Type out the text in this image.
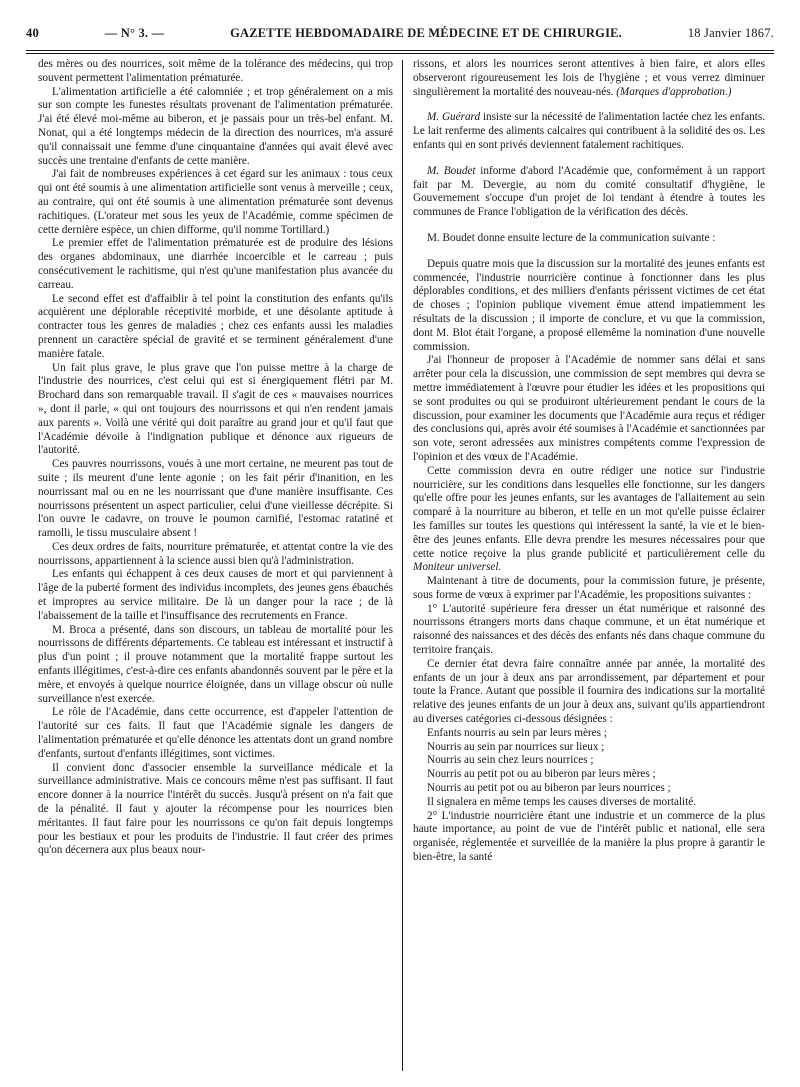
40	— N° 3. —	GAZETTE HEBDOMADAIRE DE MÉDECINE ET DE CHIRURGIE.	18 Janvier 1867.

des mères ou des nourrices, soit même de la tolérance des médecins, qui trop souvent permettent l'alimentation prématurée.

L'alimentation artificielle a été calomniée ; et trop généralement on a mis sur son compte les funestes résultats provenant de l'alimentation prématurée. J'ai été élevé moi-même au biberon, et je passais pour un très-bel enfant. M. Nonat, qui a été longtemps médecin de la direction des nourrices, m'a assuré qu'il connaissait une femme d'une cinquantaine d'années qui avait élevé avec succès une trentaine d'enfants de cette manière.

J'ai fait de nombreuses expériences à cet égard sur les animaux : tous ceux qui ont été soumis à une alimentation artificielle sont venus à merveille ; ceux, au contraire, qui ont été soumis à une alimentation prématurée sont devenus rachitiques. (L'orateur met sous les yeux de l'Académie, comme spécimen de cette dernière espèce, un chien difforme, qu'il nomme Tortillard.)

Le premier effet de l'alimentation prématurée est de produire des lésions des organes abdominaux, une diarrhée incoercible et le carreau ; puis consécutivement le rachitisme, qui n'est qu'une manifestation plus avancée du carreau.

Le second effet est d'affaiblir à tel point la constitution des enfants qu'ils acquièrent une déplorable réceptivité morbide, et une désolante aptitude à contracter tous les genres de maladies ; chez ces enfants aussi les maladies prennent un caractère spécial de gravité et se terminent généralement d'une manière fatale.

Un fait plus grave, le plus grave que l'on puisse mettre à la charge de l'industrie des nourrices, c'est celui qui est si énergiquement flétri par M. Brochard dans son remarquable travail. Il s'agit de ces « mauvaises nourrices », dont il parle, « qui ont toujours des nourrissons et qui n'en rendent jamais aux parents ». Voilà une vérité qui doit paraître au grand jour et qu'il faut que l'Académie dévoile à l'indignation publique et dénonce aux rigueurs de l'autorité.

Ces pauvres nourrissons, voués à une mort certaine, ne meurent pas tout de suite ; ils meurent d'une lente agonie ; on les fait périr d'inanition, en les nourrissant mal ou en ne les nourrissant que d'une manière insuffisante. Ces nourrissons présentent un aspect particulier, celui d'une vieillesse décrépite. Si l'on ouvre le cadavre, on trouve le poumon carnifié, l'estomac ratatiné et ramolli, le tissu musculaire absent !

Ces deux ordres de faits, nourriture prématurée, et attentat contre la vie des nourrissons, appartiennent à la science aussi bien qu'à l'administration.

Les enfants qui échappent à ces deux causes de mort et qui parviennent à l'âge de la puberté forment des individus incomplets, des jeunes gens ébauchés et impropres au service militaire. De là un danger pour la race ; de là l'abaissement de la taille et l'insuffisance des recrutements en France.

M. Broca a présenté, dans son discours, un tableau de mortalité pour les nourrissons de différents départements. Ce tableau est intéressant et instructif à plus d'un point ; il prouve notamment que la mortalité frappe surtout les enfants illégitimes, c'est-à-dire ces enfants abandonnés souvent par le père et la mère, et envoyés à quelque nourrice éloignée, dans un village obscur où nulle surveillance n'est exercée.

Le rôle de l'Académie, dans cette occurrence, est d'appeler l'attention de l'autorité sur ces faits. Il faut que l'Académie signale les dangers de l'alimentation prématurée et qu'elle dénonce les attentats dont un grand nombre d'enfants, surtout d'enfants illégitimes, sont victimes.

Il convient donc d'associer ensemble la surveillance médicale et la surveillance administrative. Mais ce concours même n'est pas suffisant. Il faut encore donner à la nourrice l'intérêt du succès. Jusqu'à présent on n'a fait que de la pénalité. Il faut y ajouter la récompense pour les nourrices bien méritantes. Il faut faire pour les nourrissons ce qu'on fait depuis longtemps pour les bestiaux et pour les produits de l'industrie. Il faut créer des primes qu'on décernera aux plus beaux nour-

rissons, et alors les nourrices seront attentives à bien faire, et alors elles observeront rigoureusement les lois de l'hygiène ; et vous verrez diminuer singulièrement la mortalité des nouveau-nés. (Marques d'approbation.)

M. Guérard insiste sur la nécessité de l'alimentation lactée chez les enfants. Le lait renferme des aliments calcaires qui contribuent à la solidité des os. Les enfants qui en sont privés deviennent fatalement rachitiques.

M. Boudet informe d'abord l'Académie que, conformément à un rapport fait par M. Devergie, au nom du comité consultatif d'hygiène, le Gouvernement s'occupe d'un projet de loi tendant à étendre à toutes les communes de France l'obligation de la vérification des décès.

M. Boudet donne ensuite lecture de la communication suivante :

Depuis quatre mois que la discussion sur la mortalité des jeunes enfants est commencée, l'industrie nourricière continue à fonctionner dans les plus déplorables conditions, et des milliers d'enfants périssent victimes de cet état de choses ; l'opinion publique vivement émue attend impatiemment les résultats de la discussion ; il importe de conclure, et vu que la commission, dont M. Blot était l'organe, a proposé ellemême la nomination d'une nouvelle commission.

J'ai l'honneur de proposer à l'Académie de nommer sans délai et sans arrêter pour cela la discussion, une commission de sept membres qui devra se mettre immédiatement à l'œuvre pour étudier les idées et les propositions qui se sont produites ou qui se produiront ultérieurement pendant le cours de la discussion, pour examiner les documents que l'Académie aura reçus et rédiger des conclusions qui, après avoir été soumises à l'Académie et sanctionnées par son vote, seront adressées aux ministres compétents comme l'expression de l'opinion et des vœux de l'Académie.

Cette commission devra en outre rédiger une notice sur l'industrie nourricière, sur les conditions dans lesquelles elle fonctionne, sur les dangers qu'elle offre pour les jeunes enfants, sur les avantages de l'allaitement au sein comparé à la nourriture au biberon, et telle en un mot qu'elle puisse éclairer les familles sur toutes les questions qui intéressent la santé, la vie et le bien-être des jeunes enfants. Elle devra prendre les mesures nécessaires pour que cette notice reçoive la plus grande publicité et particulièrement celle du Moniteur universel.

Maintenant à titre de documents, pour la commission future, je présente, sous forme de vœux à exprimer par l'Académie, les propositions suivantes :

1° L'autorité supérieure fera dresser un état numérique et raisonné des nourrissons étrangers morts dans chaque commune, et un état numérique et raisonné des naissances et des décès des enfants nés dans chaque commune du territoire français.

Ce dernier état devra faire connaître année par année, la mortalité des enfants de un jour à deux ans par arrondissement, par département et pour toute la France. Autant que possible il fournira des indications sur la mortalité relative des jeunes enfants de un jour à deux ans, suivant qu'ils appartiendront au diverses catégories ci-dessous désignées :

Enfants nourris au sein par leurs mères ;

Nourris au sein par nourrices sur lieux ;

Nourris au sein chez leurs nourrices ;

Nourris au petit pot ou au biberon par leurs mères ;

Nourris au petit pot ou au biberon par leurs nourrices ;

Il signalera en même temps les causes diverses de mortalité.

2° L'industrie nourricière étant une industrie et un commerce de la plus haute importance, au point de vue de l'intérêt public et national, elle sera organisée, réglementée et surveillée de la manière la plus propre à garantir le bien-être, la santé
